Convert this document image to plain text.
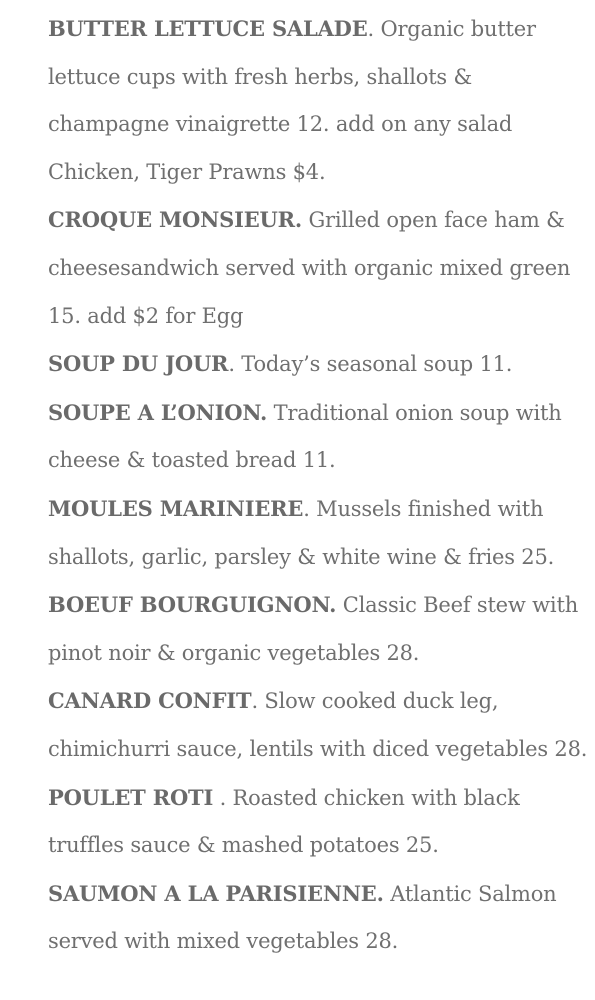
BUTTER LETTUCE SALADE. Organic butter lettuce cups with fresh herbs, shallots & champagne vinaigrette 12. add on any salad Chicken, Tiger Prawns $4.

CROQUE MONSIEUR. Grilled open face ham & cheesesandwich served with organic mixed green 15. add $2 for Egg

SOUP DU JOUR. Today’s seasonal soup 11.

SOUPE A L’ONION. Traditional onion soup with cheese & toasted bread 11.

MOULES MARINIERE. Mussels finished with shallots, garlic, parsley & white wine & fries 25.

BOEUF BOURGUIGNON. Classic Beef stew with pinot noir & organic vegetables 28.

CANARD CONFIT. Slow cooked duck leg, chimichurri sauce, lentils with diced vegetables 28.

POULET ROTI . Roasted chicken with black truffles sauce & mashed potatoes 25.

SAUMON A LA PARISIENNE. Atlantic Salmon served with mixed vegetables 28.
